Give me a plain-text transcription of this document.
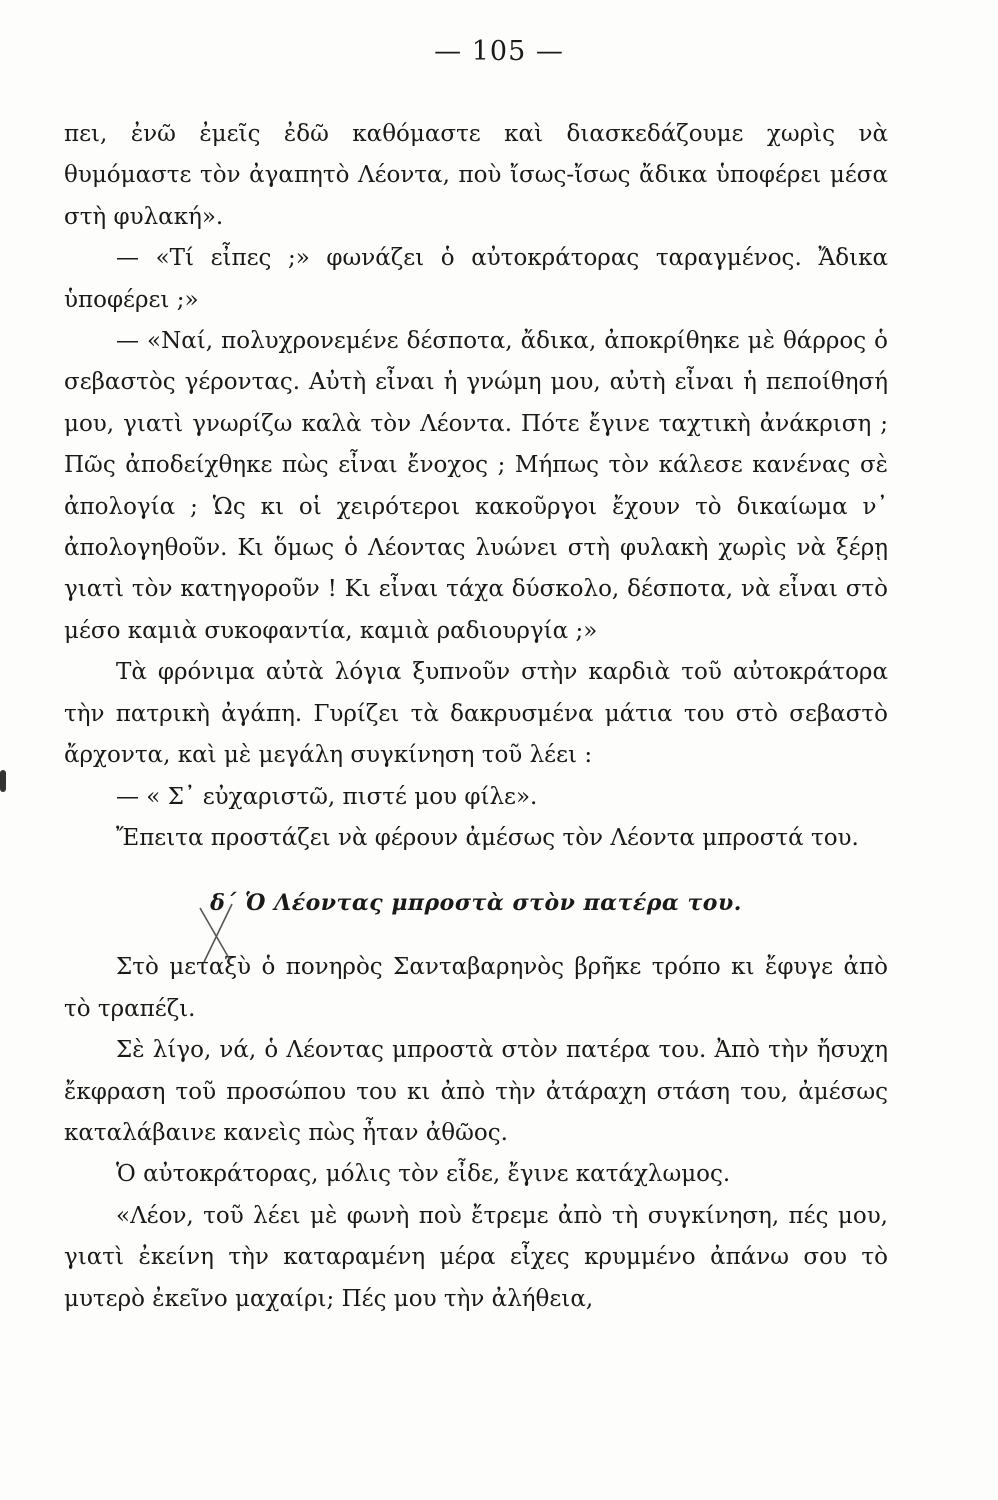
— 105 —

πει, ἐνῶ ἐμεῖς ἐδῶ καθόμαστε καὶ διασκεδάζουμε χωρὶς νὰ θυμόμαστε τὸν ἀγαπητὸ Λέοντα, ποὺ ἴσως-ἴσως ἄδικα ὑποφέρει μέσα στὴ φυλακή».

— «Τί εἶπες ;» φωνάζει ὁ αὐτοκράτορας ταραγμένος. Ἄδικα ὑποφέρει ;»

— «Ναί, πολυχρονεμένε δέσποτα, ἄδικα, ἀποκρίθηκε μὲ θάρρος ὁ σεβαστὸς γέροντας. Αὐτὴ εἶναι ἡ γνώμη μου, αὐτὴ εἶναι ἡ πεποίθησή μου, γιατὶ γνωρίζω καλὰ τὸν Λέοντα. Πότε ἔγινε ταχτικὴ ἀνάκριση ; Πῶς ἀποδείχθηκε πὼς εἶναι ἔνοχος ; Μήπως τὸν κάλεσε κανένας σὲ ἀπολογία ; Ὡς κι οἱ χειρότεροι κακοῦργοι ἔχουν τὸ δικαίωμα ν᾿ ἀπολογηθοῦν. Κι ὅμως ὁ Λέοντας λυώνει στὴ φυλακὴ χωρὶς νὰ ξέρῃ γιατὶ τὸν κατηγοροῦν ! Κι εἶναι τάχα δύσκολο, δέσποτα, νὰ εἶναι στὸ μέσο καμιὰ συκοφαντία, καμιὰ ραδιουργία ;»

Τὰ φρόνιμα αὐτὰ λόγια ξυπνοῦν στὴν καρδιὰ τοῦ αὐτοκράτορα τὴν πατρικὴ ἀγάπη. Γυρίζει τὰ δακρυσμένα μάτια του στὸ σεβαστὸ ἄρχοντα, καὶ μὲ μεγάλη συγκίνηση τοῦ λέει :

— « Σ᾿ εὐχαριστῶ, πιστέ μου φίλε».

Ἔπειτα προστάζει νὰ φέρουν ἀμέσως τὸν Λέοντα μπροστά του.

δ΄ Ὁ Λέοντας μπροστὰ στὸν πατέρα του.

Στὸ μεταξὺ ὁ πονηρὸς Σανταβαρηνὸς βρῆκε τρόπο κι ἔφυγε ἀπὸ τὸ τραπέζι.

Σὲ λίγο, νά, ὁ Λέοντας μπροστὰ στὸν πατέρα του. Ἀπὸ τὴν ἤσυχη ἔκφραση τοῦ προσώπου του κι ἀπὸ τὴν ἀτάραχη στάση του, ἀμέσως καταλάβαινε κανεὶς πὼς ἦταν ἀθῶος.

Ὁ αὐτοκράτορας, μόλις τὸν εἶδε, ἔγινε κατάχλωμος.

«Λέον, τοῦ λέει μὲ φωνὴ ποὺ ἔτρεμε ἀπὸ τὴ συγκίνηση, πές μου, γιατὶ ἐκείνη τὴν καταραμένη μέρα εἶχες κρυμμένο ἀπάνω σου τὸ μυτερὸ ἐκεῖνο μαχαίρι; Πές μου τὴν ἀλήθεια,
